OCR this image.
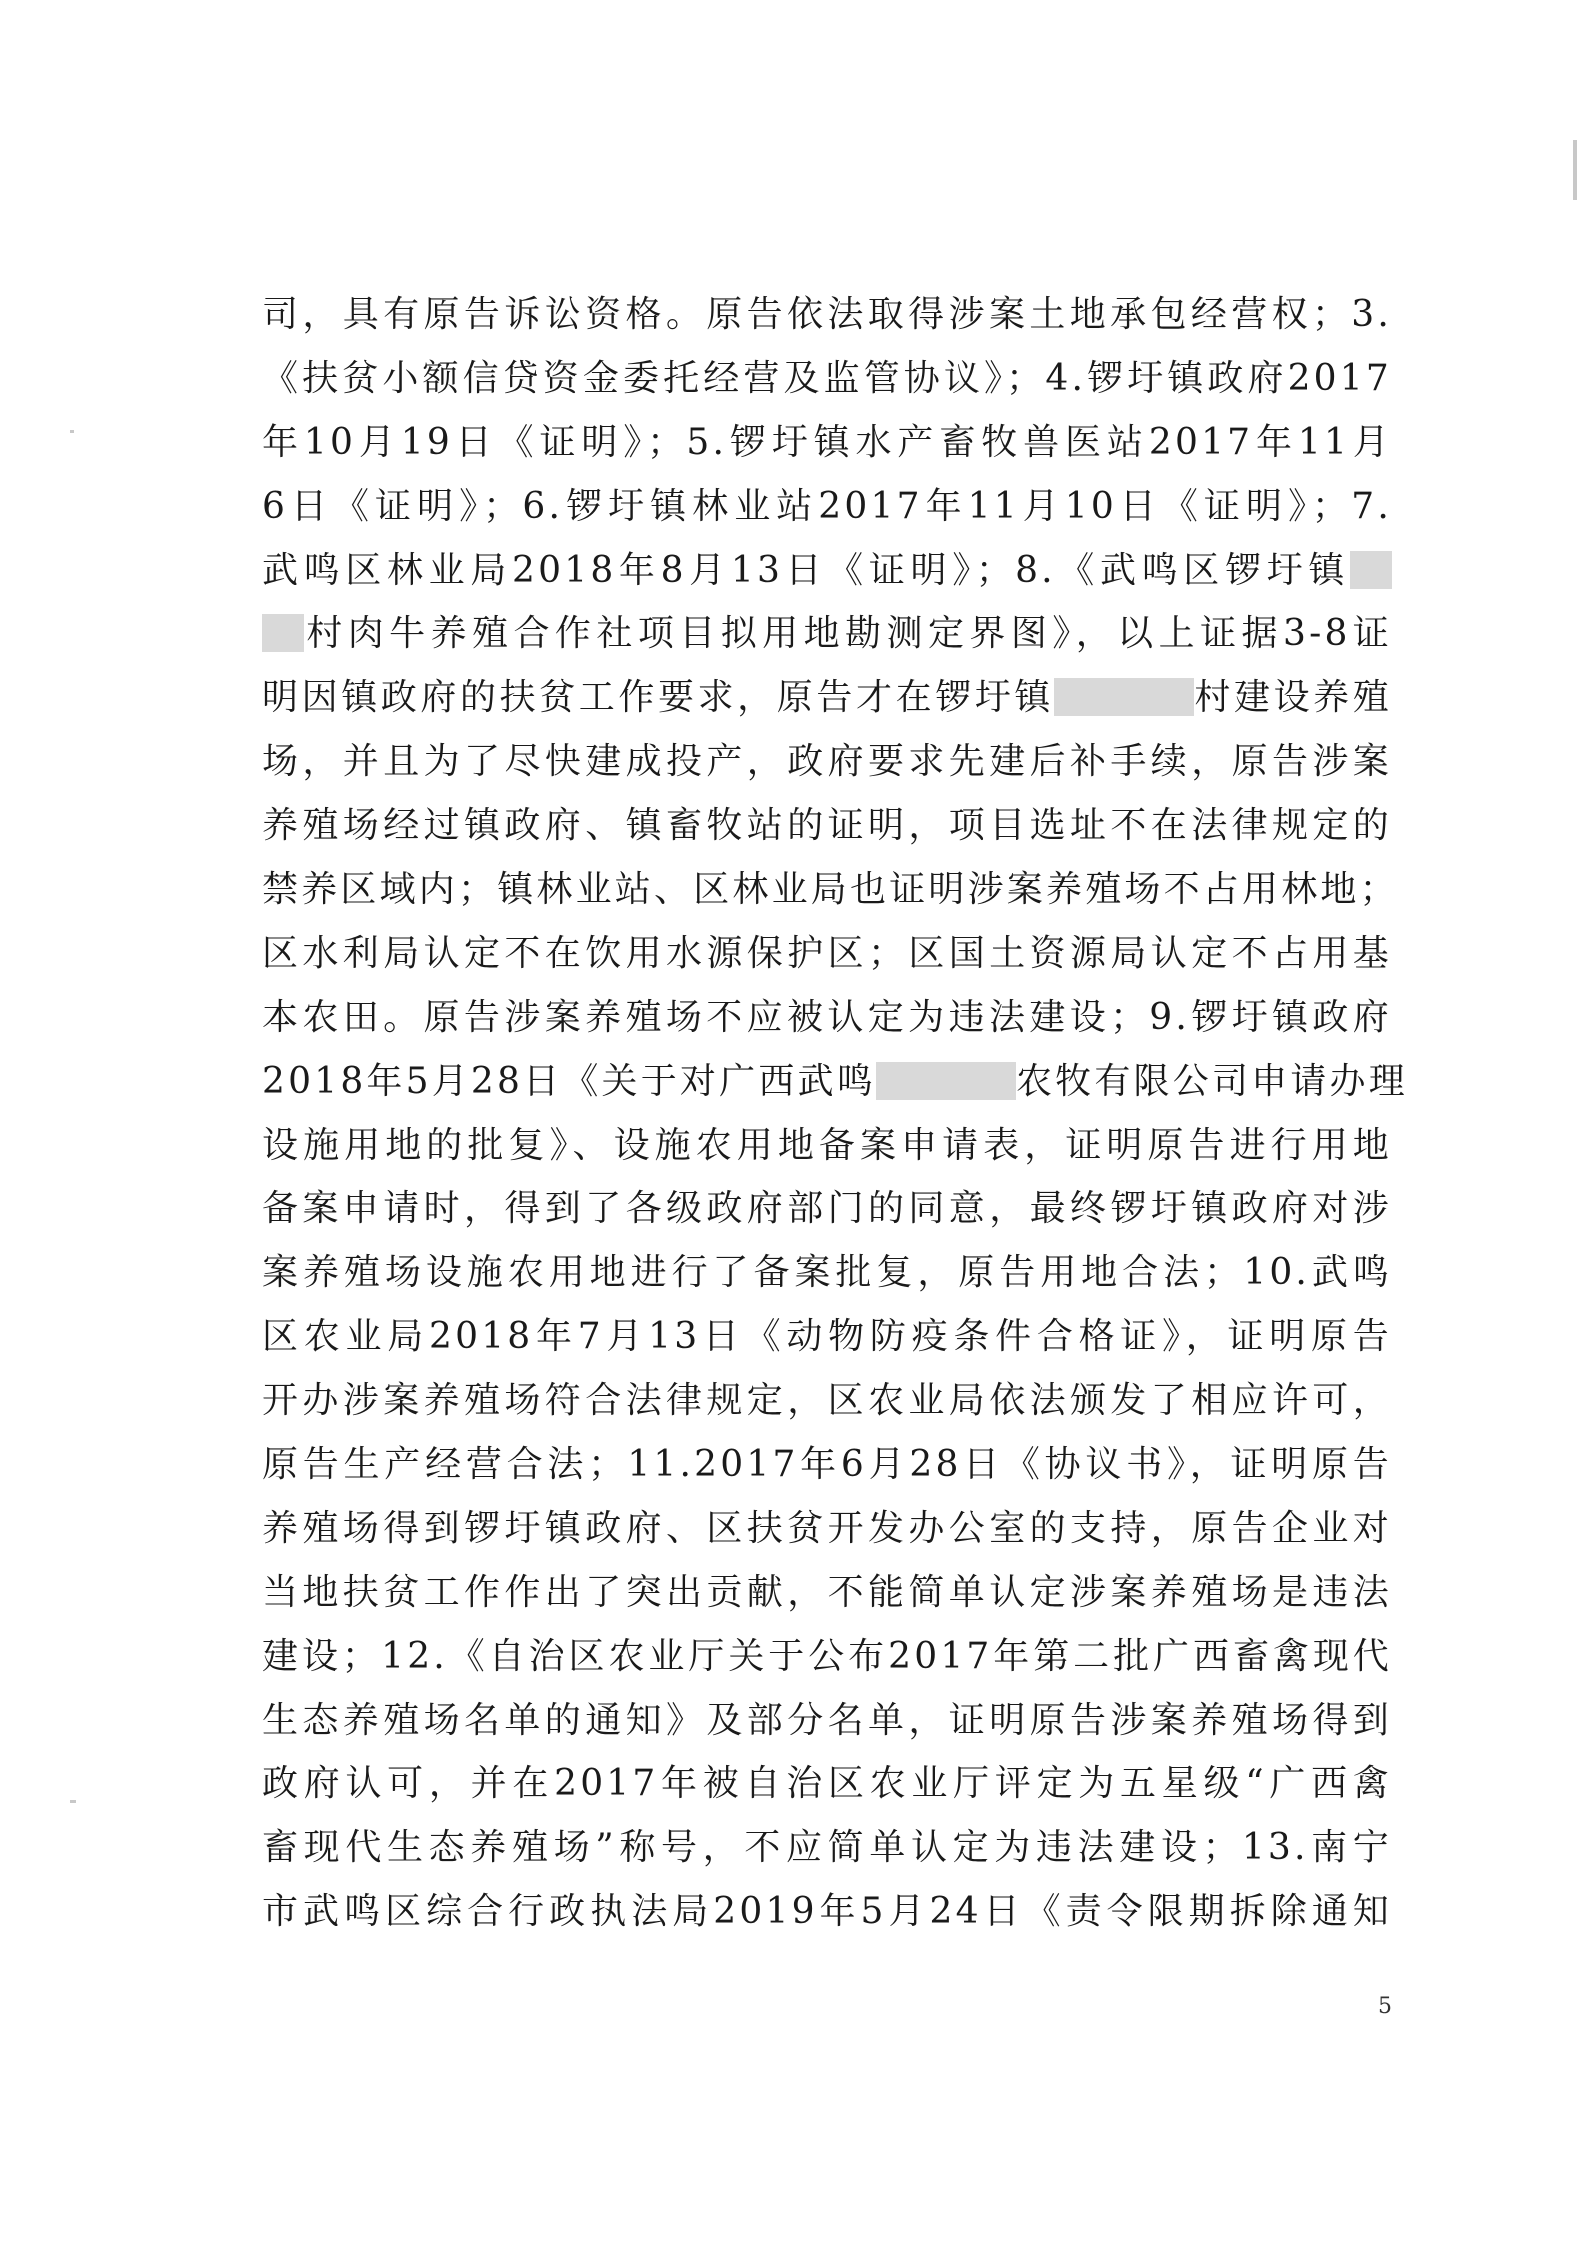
司，具有原告诉讼资格。原告依法取得涉案土地承包经营权；3.
《扶贫小额信贷资金委托经营及监管协议》；4.锣圩镇政府2017
年10月19日《证明》；5.锣圩镇水产畜牧兽医站2017年11月
6日《证明》；6.锣圩镇林业站2017年11月10日《证明》；7.
武鸣区林业局2018年8月13日《证明》；8.《武鸣区锣圩镇
村肉牛养殖合作社项目拟用地勘测定界图》，以上证据3-8证
明因镇政府的扶贫工作要求，原告才在锣圩镇	村建设养殖
场，并且为了尽快建成投产，政府要求先建后补手续，原告涉案
养殖场经过镇政府、镇畜牧站的证明，项目选址不在法律规定的
禁养区域内；镇林业站、区林业局也证明涉案养殖场不占用林地；
区水利局认定不在饮用水源保护区；区国土资源局认定不占用基
本农田。原告涉案养殖场不应被认定为违法建设；9.锣圩镇政府
2018年5月28日《关于对广西武鸣	农牧有限公司申请办理
设施用地的批复》、设施农用地备案申请表，证明原告进行用地
备案申请时，得到了各级政府部门的同意，最终锣圩镇政府对涉
案养殖场设施农用地进行了备案批复，原告用地合法；10.武鸣
区农业局2018年7月13日《动物防疫条件合格证》，证明原告
开办涉案养殖场符合法律规定，区农业局依法颁发了相应许可，
原告生产经营合法；11.2017年6月28日《协议书》，证明原告
养殖场得到锣圩镇政府、区扶贫开发办公室的支持，原告企业对
当地扶贫工作作出了突出贡献，不能简单认定涉案养殖场是违法
建设；12.《自治区农业厅关于公布2017年第二批广西畜禽现代
生态养殖场名单的通知》及部分名单，证明原告涉案养殖场得到
政府认可，并在2017年被自治区农业厅评定为五星级“广西禽
畜现代生态养殖场”称号，不应简单认定为违法建设；13.南宁
市武鸣区综合行政执法局2019年5月24日《责令限期拆除通知
5
